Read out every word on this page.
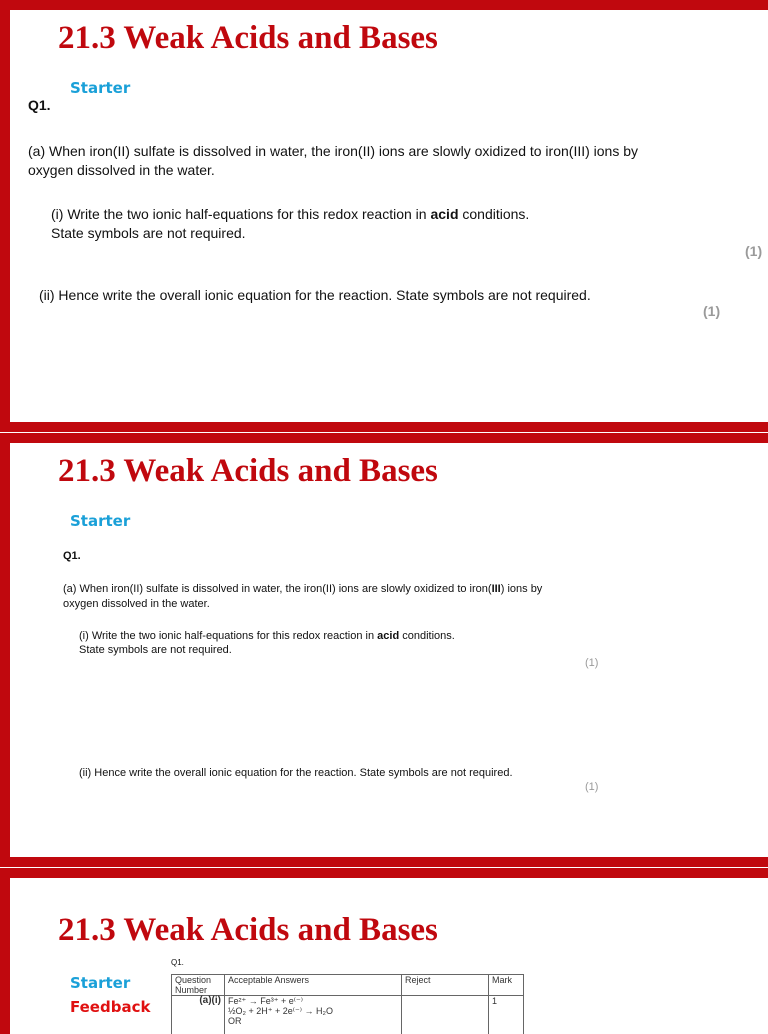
21.3 Weak Acids and Bases
Starter
Q1.
(a) When iron(II) sulfate is dissolved in water, the iron(II) ions are slowly oxidized to iron(III) ions by
oxygen dissolved in the water.
(i) Write the two ionic half-equations for this redox reaction in acid conditions.
State symbols are not required.
(1)
(ii) Hence write the overall ionic equation for the reaction. State symbols are not required.
(1)
21.3 Weak Acids and Bases
Starter
Q1.
(a) When iron(II) sulfate is dissolved in water, the iron(II) ions are slowly oxidized to iron(III) ions by
oxygen dissolved in the water.
(i) Write the two ionic half-equations for this redox reaction in acid conditions.
State symbols are not required.
(1)
(ii) Hence write the overall ionic equation for the reaction. State symbols are not required.
(1)
21.3 Weak Acids and Bases
Starter
Feedback
Q1.
Question Number	Acceptable Answers	Reject	Mark
(a)(i)	Fe²⁺ → Fe³⁺ + e⁽⁻⁾
½O₂ + 2H⁺ + 2e⁽⁻⁾ → H₂O
OR		1
